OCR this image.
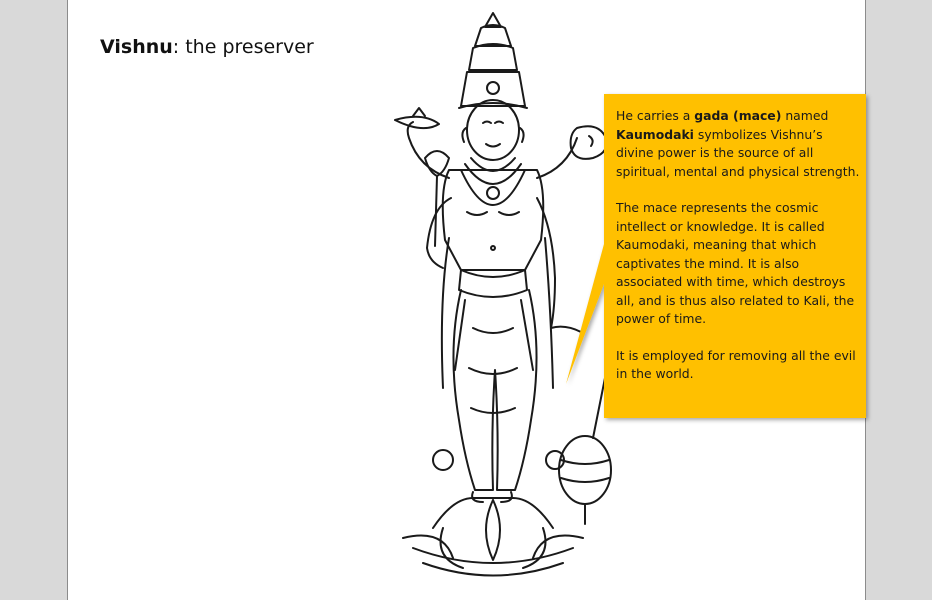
Vishnu: the preserver

He carries a gada (mace) named Kaumodaki symbolizes Vishnu’s divine power is the source of all spiritual, mental and physical strength.

The mace represents the cosmic intellect or knowledge. It is called Kaumodaki, meaning that which captivates the mind. It is also associated with time, which destroys all, and is thus also related to Kali, the power of time.

It is employed for removing all the evil in the world.
